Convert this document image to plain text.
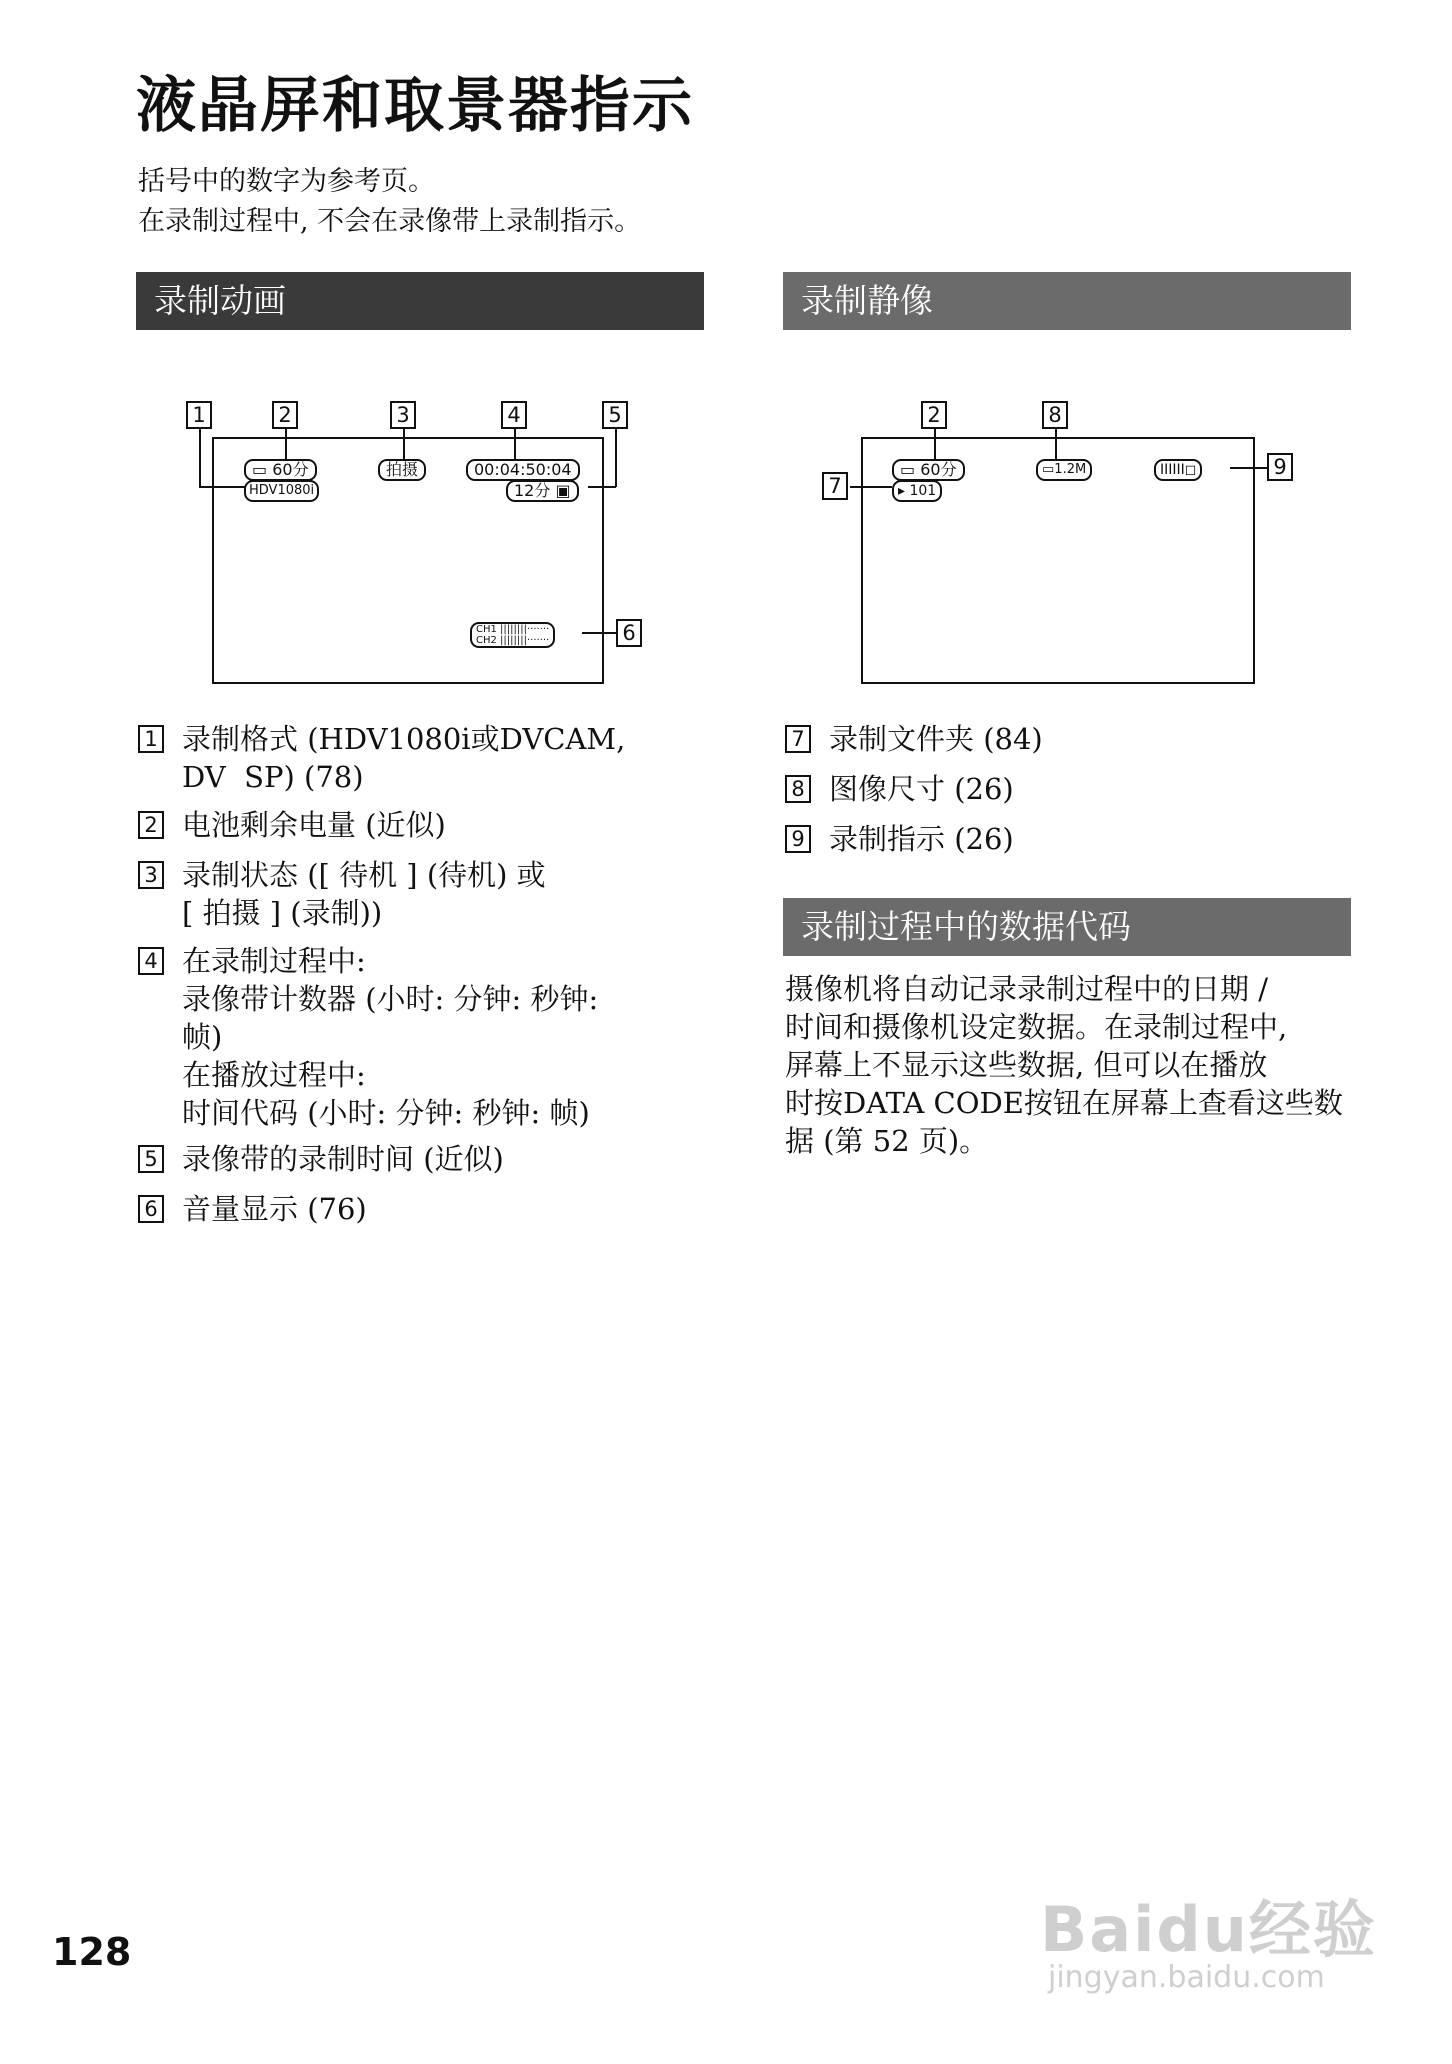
液晶屏和取景器指示
括号中的数字为参考页。
在录制过程中, 不会在录像带上录制指示。
录制动画	录制静像
1	2	3	4	5
6
▭ 60分	拍摄	00:04:50:04
HDV1080i	12分 ▣
CH1 ||||||||·······
CH2 ||||||||·······
2	8
7
9
▭ 60分	▭1.2M	IIIIII◻
▸ 101
1 录制格式 (HDV1080i或DVCAM,
DV  SP) (78)
2 电池剩余电量 (近似)
3 录制状态 ([ 待机 ] (待机) 或
[ 拍摄 ] (录制))
4 在录制过程中:
录像带计数器 (小时: 分钟: 秒钟:
帧)
在播放过程中:
时间代码 (小时: 分钟: 秒钟: 帧)
5 录像带的录制时间 (近似)
6 音量显示 (76)
7 录制文件夹 (84)
8 图像尺寸 (26)
9 录制指示 (26)
录制过程中的数据代码
摄像机将自动记录录制过程中的日期 /
时间和摄像机设定数据。在录制过程中,
屏幕上不显示这些数据, 但可以在播放
时按DATA CODE按钮在屏幕上查看这些数
据 (第 52 页)。
128	Baidu经验
jingyan.baidu.com
